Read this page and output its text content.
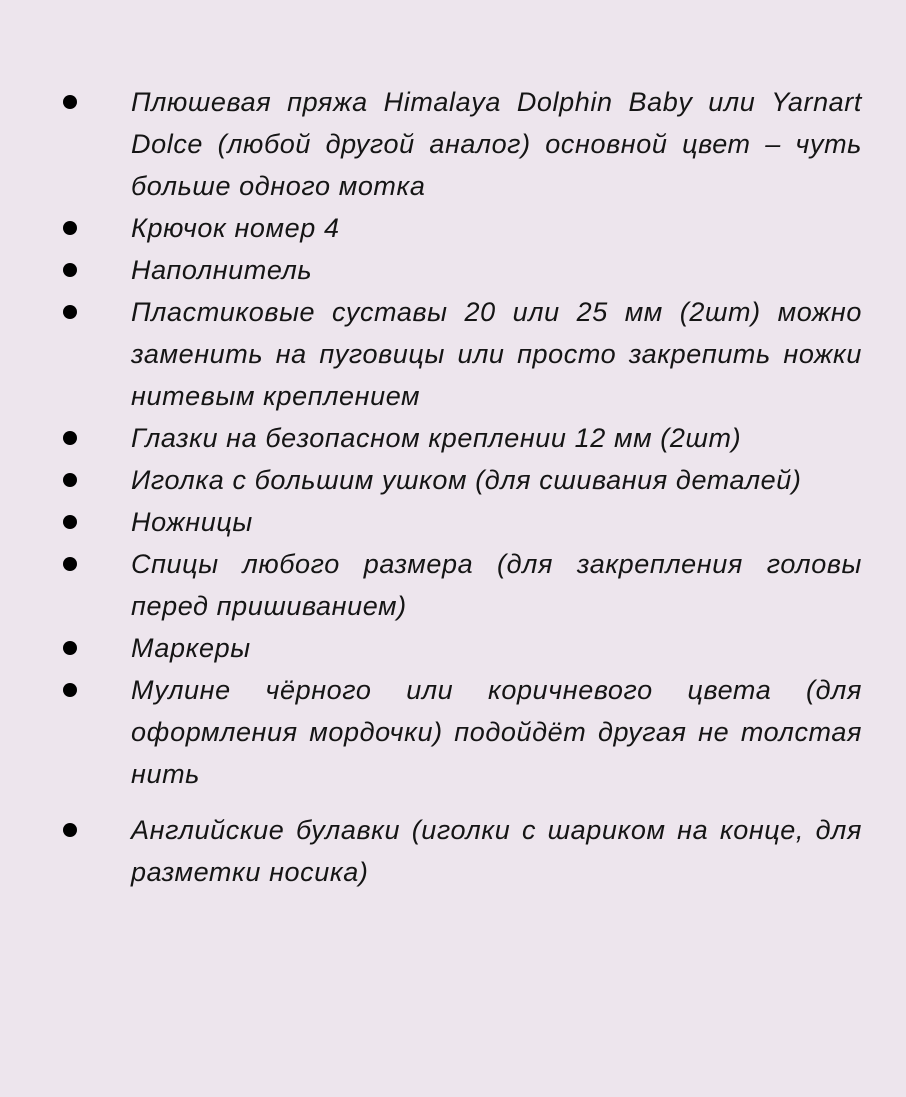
Плюшевая пряжа Himalaya Dolphin Baby или Yarnart Dolce (любой другой аналог) основной цвет – чуть больше одного мотка
Крючок номер 4
Наполнитель
Пластиковые суставы 20 или 25 мм (2шт) можно заменить на пуговицы или просто закрепить ножки нитевым креплением
Глазки на безопасном креплении 12 мм (2шт)
Иголка с большим ушком (для сшивания деталей)
Ножницы
Спицы любого размера (для закрепления головы перед пришиванием)
Маркеры
Мулине чёрного или коричневого цвета (для оформления мордочки) подойдёт другая не толстая нить
Английские булавки (иголки с шариком на конце, для разметки носика)
